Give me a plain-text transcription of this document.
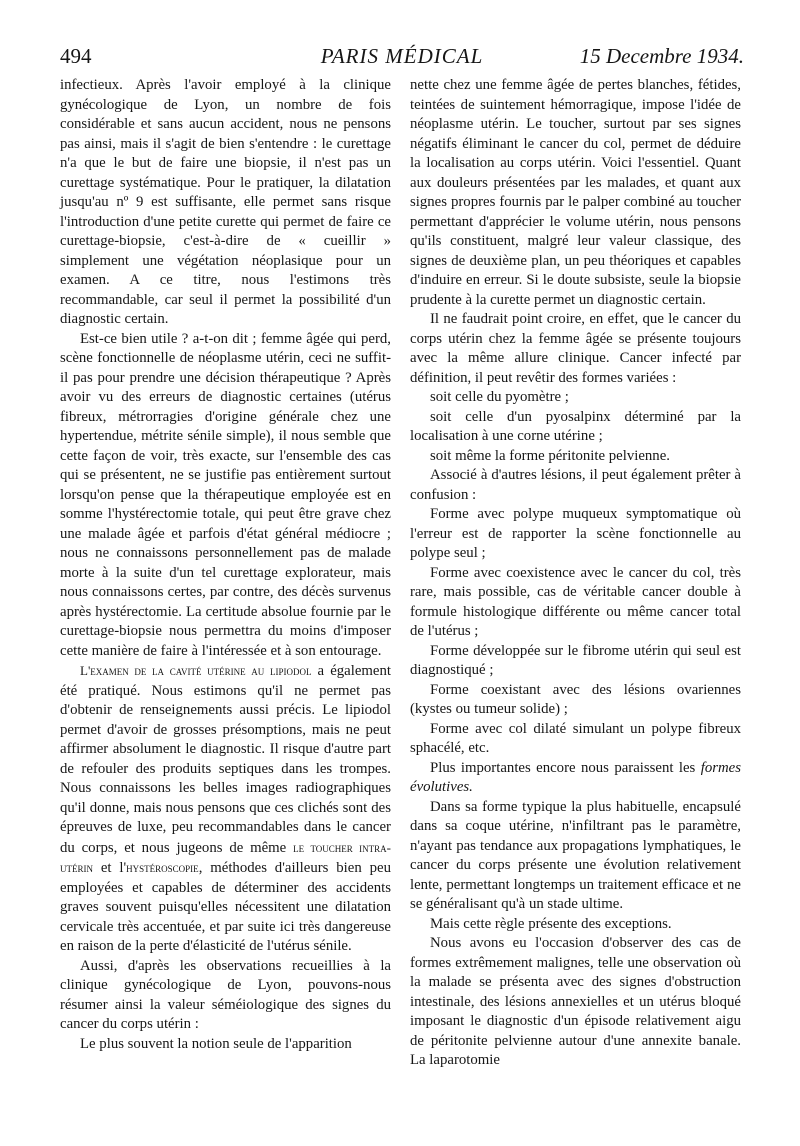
494	PARIS MÉDICAL	15 Decembre 1934.

infectieux. Après l'avoir employé à la clinique gynécologique de Lyon, un nombre de fois considérable et sans aucun accident, nous ne pensons pas ainsi, mais il s'agit de bien s'entendre : le curettage n'a que le but de faire une biopsie, il n'est pas un curettage systématique. Pour le pratiquer, la dilatation jusqu'au nº 9 est suffisante, elle permet sans risque l'introduction d'une petite curette qui permet de faire ce curettage-biopsie, c'est-à-dire de « cueillir » simplement une végétation néoplasique pour un examen. A ce titre, nous l'estimons très recommandable, car seul il permet la possibilité d'un diagnostic certain.

Est-ce bien utile ? a-t-on dit ; femme âgée qui perd, scène fonctionnelle de néoplasme utérin, ceci ne suffit-il pas pour prendre une décision thérapeutique ? Après avoir vu des erreurs de diagnostic certaines (utérus fibreux, métrorragies d'origine générale chez une hypertendue, métrite sénile simple), il nous semble que cette façon de voir, très exacte, sur l'ensemble des cas qui se présentent, ne se justifie pas entièrement surtout lorsqu'on pense que la thérapeutique employée est en somme l'hystérectomie totale, qui peut être grave chez une malade âgée et parfois d'état général médiocre ; nous ne connaissons personnellement pas de malade morte à la suite d'un tel curettage explorateur, mais nous connaissons certes, par contre, des décès survenus après hystérectomie. La certitude absolue fournie par le curettage-biopsie nous permettra du moins d'imposer cette manière de faire à l'intéressée et à son entourage.

L'examen de la cavité utérine au lipiodol a également été pratiqué. Nous estimons qu'il ne permet pas d'obtenir de renseignements aussi précis. Le lipiodol permet d'avoir de grosses présomptions, mais ne peut affirmer absolument le diagnostic. Il risque d'autre part de refouler des produits septiques dans les trompes. Nous connaissons les belles images radiographiques qu'il donne, mais nous pensons que ces clichés sont des épreuves de luxe, peu recommandables dans le cancer du corps, et nous jugeons de même le toucher intra-utérin et l'hystéroscopie, méthodes d'ailleurs bien peu employées et capables de déterminer des accidents graves souvent puisqu'elles nécessitent une dilatation cervicale très accentuée, et par suite ici très dangereuse en raison de la perte d'élasticité de l'utérus sénile.

Aussi, d'après les observations recueillies à la clinique gynécologique de Lyon, pouvons-nous résumer ainsi la valeur séméiologique des signes du cancer du corps utérin :

Le plus souvent la notion seule de l'apparition

nette chez une femme âgée de pertes blanches, fétides, teintées de suintement hémorragique, impose l'idée de néoplasme utérin. Le toucher, surtout par ses signes négatifs éliminant le cancer du col, permet de déduire la localisation au corps utérin. Voici l'essentiel. Quant aux douleurs présentées par les malades, et quant aux signes propres fournis par le palper combiné au toucher permettant d'apprécier le volume utérin, nous pensons qu'ils constituent, malgré leur valeur classique, des signes de deuxième plan, un peu théoriques et capables d'induire en erreur. Si le doute subsiste, seule la biopsie prudente à la curette permet un diagnostic certain.

Il ne faudrait point croire, en effet, que le cancer du corps utérin chez la femme âgée se présente toujours avec la même allure clinique. Cancer infecté par définition, il peut revêtir des formes variées :

soit celle du pyomètre ;

soit celle d'un pyosalpinx déterminé par la localisation à une corne utérine ;

soit même la forme péritonite pelvienne.

Associé à d'autres lésions, il peut également prêter à confusion :

Forme avec polype muqueux symptomatique où l'erreur est de rapporter la scène fonctionnelle au polype seul ;

Forme avec coexistence avec le cancer du col, très rare, mais possible, cas de véritable cancer double à formule histologique différente ou même cancer total de l'utérus ;

Forme développée sur le fibrome utérin qui seul est diagnostiqué ;

Forme coexistant avec des lésions ovariennes (kystes ou tumeur solide) ;

Forme avec col dilaté simulant un polype fibreux sphacélé, etc.

Plus importantes encore nous paraissent les formes évolutives.

Dans sa forme typique la plus habituelle, encapsulé dans sa coque utérine, n'infiltrant pas le paramètre, n'ayant pas tendance aux propagations lymphatiques, le cancer du corps présente une évolution relativement lente, permettant longtemps un traitement efficace et ne se généralisant qu'à un stade ultime.

Mais cette règle présente des exceptions.

Nous avons eu l'occasion d'observer des cas de formes extrêmement malignes, telle une observation où la malade se présenta avec des signes d'obstruction intestinale, des lésions annexielles et un utérus bloqué imposant le diagnostic d'un épisode relativement aigu de péritonite pelvienne autour d'une annexite banale. La laparotomie
